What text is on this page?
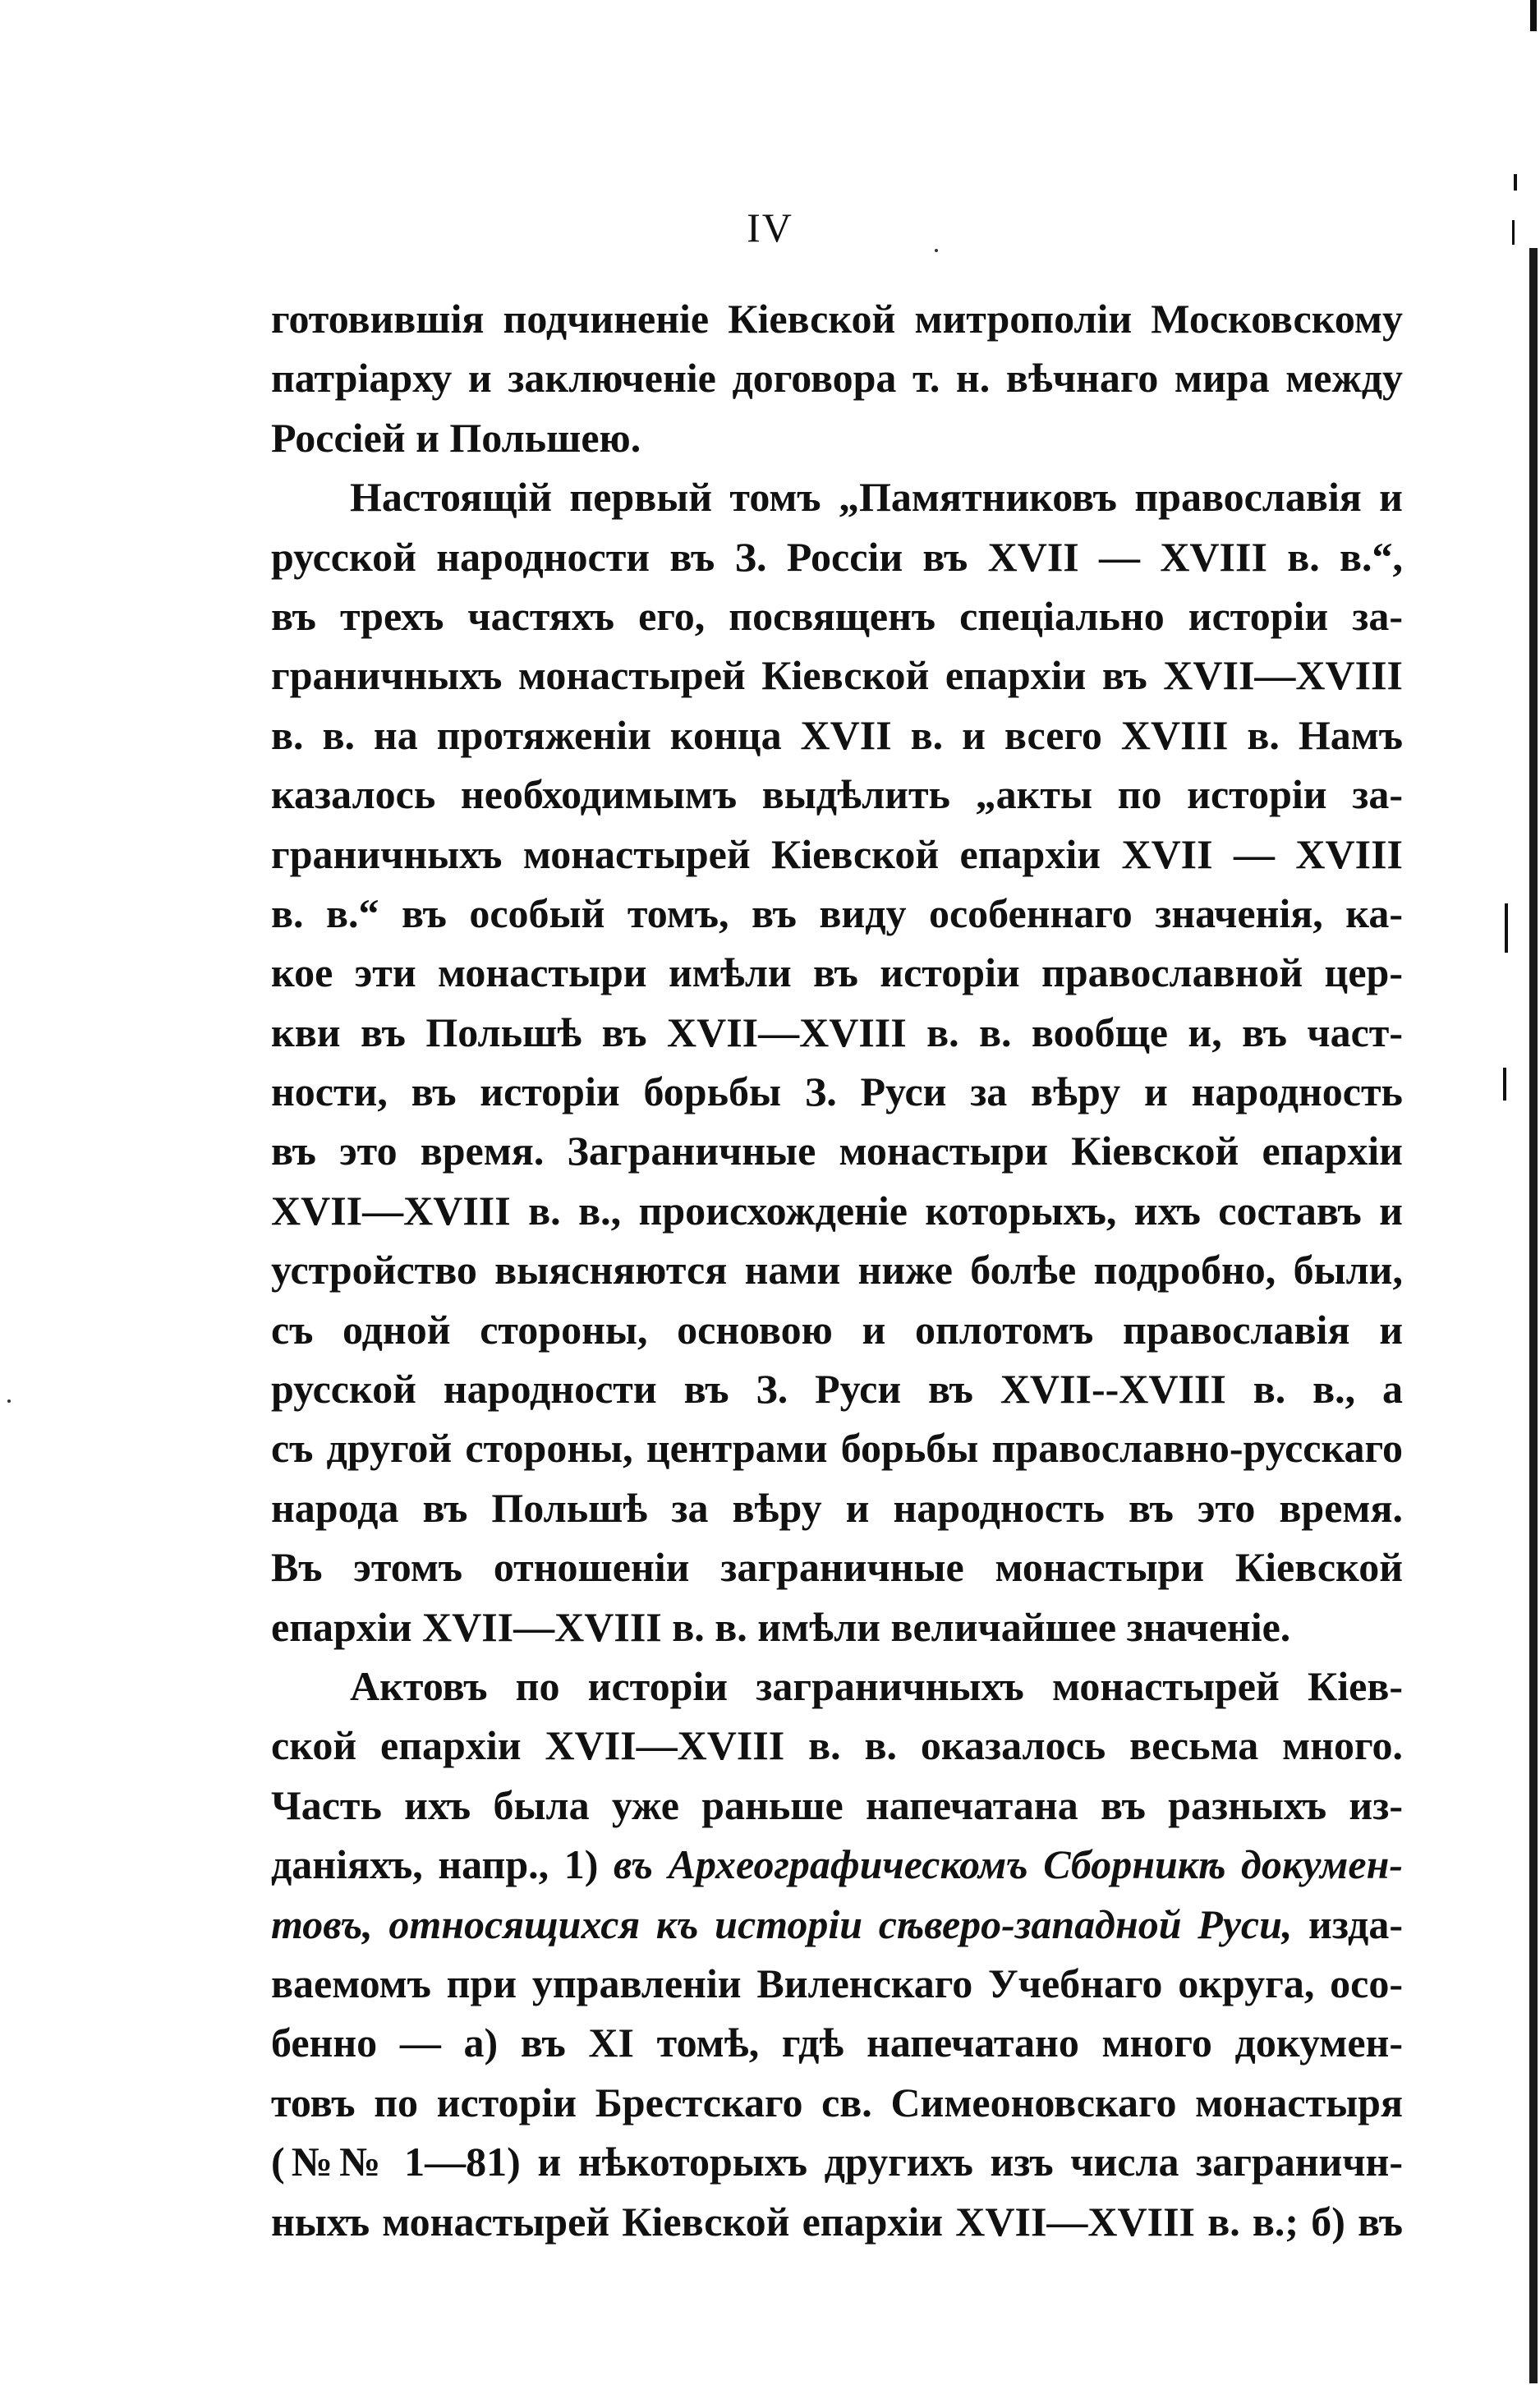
IV
готовившія подчиненіе Кіевской митрополіи Московскому
патріарху и заключеніе договора т. н. вѣчнаго мира между
Россіей и Польшею.
Настоящій первый томъ „Памятниковъ православія и
русской народности въ З. Россіи въ XVII — XVIII в. в.“,
въ трехъ частяхъ его, посвященъ спеціально исторіи за-
граничныхъ монастырей Кіевской епархіи въ XVII—XVIII
в. в. на протяженіи конца XVII в. и всего XVIII в. Намъ
казалось необходимымъ выдѣлить „акты по исторіи за-
граничныхъ монастырей Кіевской епархіи XVII — XVIII
в. в.“ въ особый томъ, въ виду особеннаго значенія, ка-
кое эти монастыри имѣли въ исторіи православной цер-
кви въ Польшѣ въ XVII—XVIII в. в. вообще и, въ част-
ности, въ исторіи борьбы З. Руси за вѣру и народность
въ это время. Заграничные монастыри Кіевской епархіи
XVII—XVIII в. в., происхожденіе которыхъ, ихъ составъ и
устройство выясняются нами ниже болѣе подробно, были,
съ одной стороны, основою и оплотомъ православія и
русской народности въ З. Руси въ XVII--XVIII в. в., а
съ другой стороны, центрами борьбы православно-русскаго
народа въ Польшѣ за вѣру и народность въ это время.
Въ этомъ отношеніи заграничные монастыри Кіевской
епархіи XVII—XVIII в. в. имѣли величайшее значеніе.
Актовъ по исторіи заграничныхъ монастырей Кіев-
ской епархіи XVII—XVIII в. в. оказалось весьма много.
Часть ихъ была уже раньше напечатана въ разныхъ из-
даніяхъ, напр., 1) въ Археографическомъ Сборникѣ докумен-
товъ, относящихся къ исторіи сѣверо-западной Руси, изда-
ваемомъ при управленіи Виленскаго Учебнаго округа, осо-
бенно — а) въ XI томѣ, гдѣ напечатано много докумен-
товъ по исторіи Брестскаго св. Симеоновскаго монастыря
(№№ 1—81) и нѣкоторыхъ другихъ изъ числа заграничн-
ныхъ монастырей Кіевской епархіи XVII—XVIII в. в.; б) въ
